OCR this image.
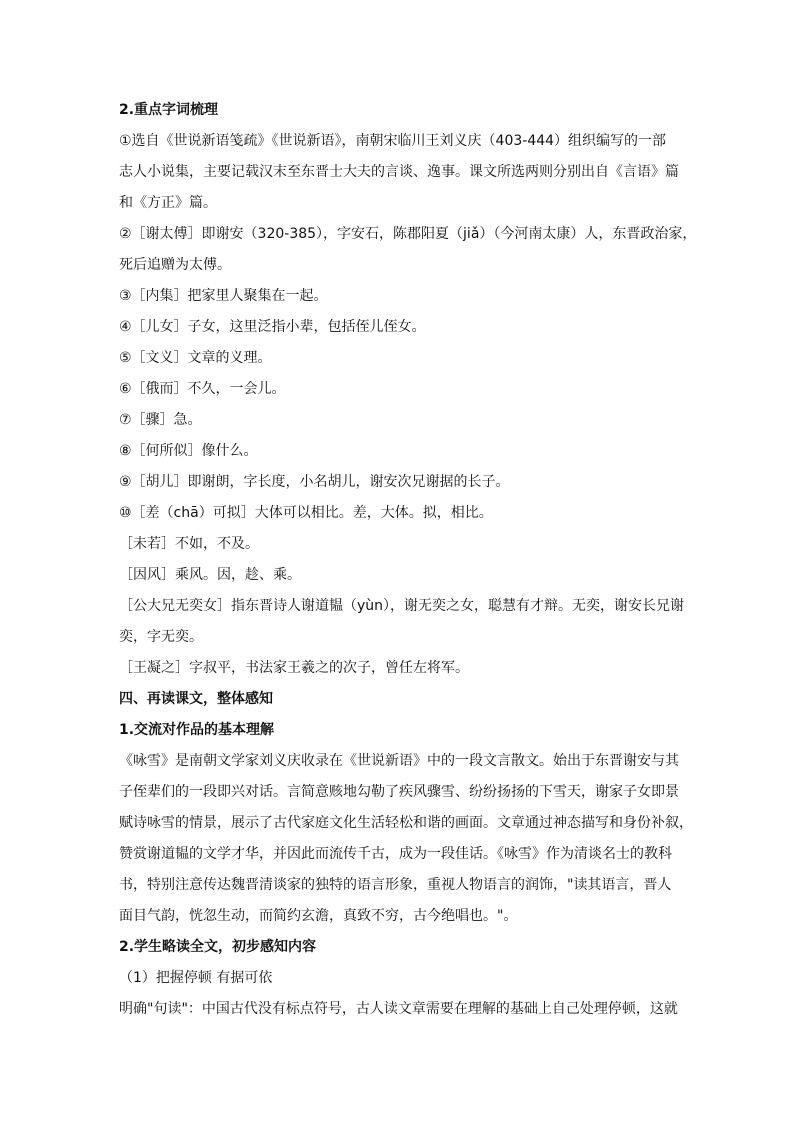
2.重点字词梳理

①选自《世说新语笺疏》《世说新语》，南朝宋临川王刘义庆（403-444）组织编写的一部

志人小说集，主要记载汉末至东晋士大夫的言谈、逸事。课文所选两则分别出自《言语》篇

和《方正》篇。

②［谢太傅］即谢安（320-385），字安石，陈郡阳夏（jiǎ）（今河南太康）人，东晋政治家，

死后追赠为太傅。

③［内集］把家里人聚集在一起。

④［儿女］子女，这里泛指小辈，包括侄儿侄女。

⑤［文义］文章的义理。

⑥［俄而］不久，一会儿。

⑦［骤］急。

⑧［何所似］像什么。

⑨［胡儿］即谢朗，字长度，小名胡儿，谢安次兄谢据的长子。

⑩［差（chā）可拟］大体可以相比。差，大体。拟，相比。

［未若］不如，不及。

［因风］乘风。因，趁、乘。

［公大兄无奕女］指东晋诗人谢道韫（yùn），谢无奕之女，聪慧有才辩。无奕，谢安长兄谢

奕，字无奕。

［王凝之］字叔平，书法家王羲之的次子，曾任左将军。

四、再读课文，整体感知

1.交流对作品的基本理解

《咏雪》是南朝文学家刘义庆收录在《世说新语》中的一段文言散文。始出于东晋谢安与其

子侄辈们的一段即兴对话。言简意赅地勾勒了疾风骤雪、纷纷扬扬的下雪天，谢家子女即景

赋诗咏雪的情景，展示了古代家庭文化生活轻松和谐的画面。文章通过神态描写和身份补叙，

赞赏谢道韫的文学才华，并因此而流传千古，成为一段佳话。《咏雪》作为清谈名士的教科

书，特别注意传达魏晋清谈家的独特的语言形象，重视人物语言的润饰，"读其语言，晋人

面目气韵，恍忽生动，而简约玄澹，真致不穷，古今绝唱也。"。

2.学生略读全文，初步感知内容

（1）把握停顿 有据可依

明确"句读"：中国古代没有标点符号，古人读文章需要在理解的基础上自己处理停顿，这就
